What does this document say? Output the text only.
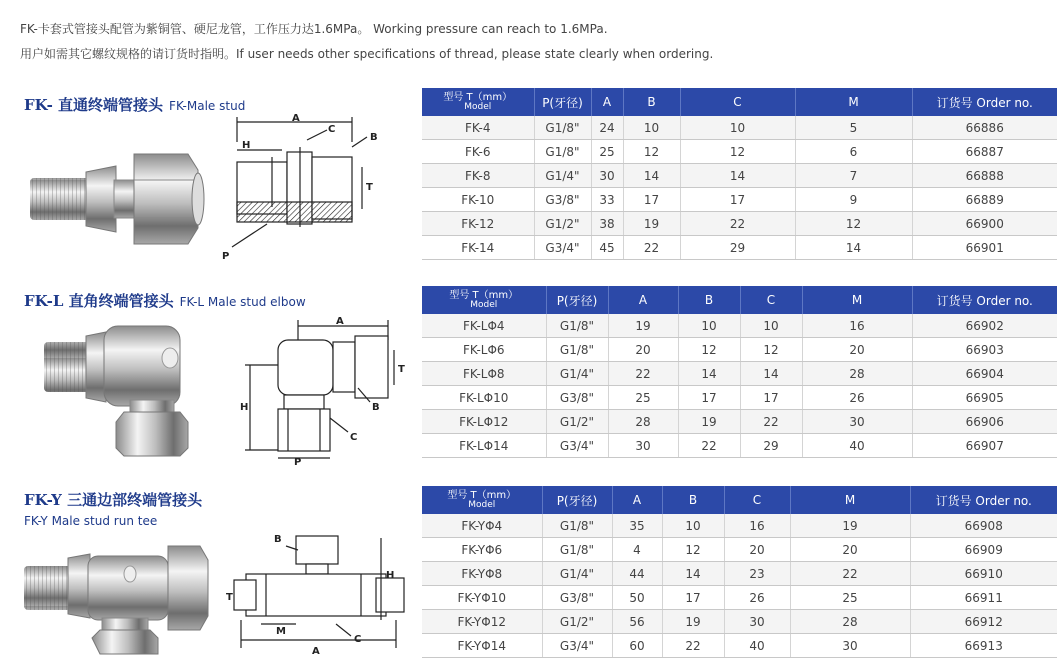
FK-卡套式管接头配管为紫铜管、硬尼龙管，工作压力达1.6MPa。 Working pressure can reach to 1.6MPa.
用户如需其它螺纹规格的请订货时指明。If user needs other specifications of thread, please state clearly when ordering.
FK- 直通终端管接头 FK-Male stud
A
H
C
B
T
P
型号 T（mm）
Model	P(牙径)	A	B	C	M	订货号 Order no.
FK-4	G1/8"	24	10	10	5	66886
FK-6	G1/8"	25	12	12	6	66887
FK-8	G1/4"	30	14	14	7	66888
FK-10	G3/8"	33	17	17	9	66889
FK-12	G1/2"	38	19	22	12	66900
FK-14	G3/4"	45	22	29	14	66901
FK-L 直角终端管接头 FK-L Male stud elbow
A
T
H	B
C
P
型号 T（mm）
Model	P(牙径)	A	B	C	M	订货号 Order no.
FK-LΦ4	G1/8"	19	10	10	16	66902
FK-LΦ6	G1/8"	20	12	12	20	66903
FK-LΦ8	G1/4"	22	14	14	28	66904
FK-LΦ10	G3/8"	25	17	17	26	66905
FK-LΦ12	G1/2"	28	19	22	30	66906
FK-LΦ14	G3/4"	30	22	29	40	66907
FK-Y 三通边部终端管接头
FK-Y Male stud run tee
B
H
T
M
A
C
型号 T（mm）
Model	P(牙径)	A	B	C	M	订货号 Order no.
FK-YΦ4	G1/8"	35	10	16	19	66908
FK-YΦ6	G1/8"	4	12	20	20	66909
FK-YΦ8	G1/4"	44	14	23	22	66910
FK-YΦ10	G3/8"	50	17	26	25	66911
FK-YΦ12	G1/2"	56	19	30	28	66912
FK-YΦ14	G3/4"	60	22	40	30	66913
